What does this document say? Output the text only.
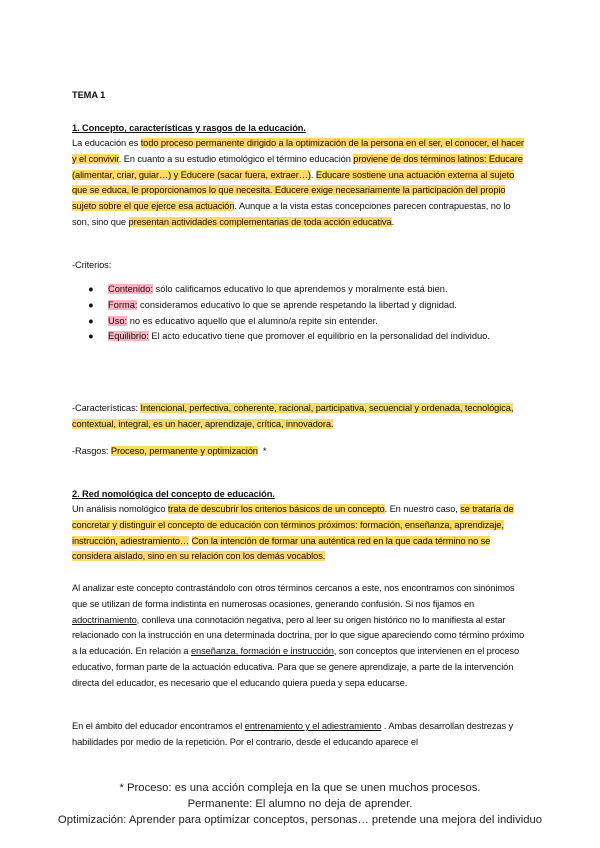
TEMA 1
1. Concepto, características y rasgos de la educación.
La educación es todo proceso permanente dirigido a la optimización de la persona en el ser, el conocer, el hacer y el convivir. En cuanto a su estudio etimológico el término educación proviene de dos términos latinos: Educare (alimentar, criar, guiar…) y Educere (sacar fuera, extraer…). Educare sostiene una actuación externa al sujeto que se educa, le proporcionamos lo que necesita. Educere exige necesariamente la participación del propio sujeto sobre el que ejerce esa actuación. Aunque a la vista estas concepciones parecen contrapuestas, no lo son, sino que presentan actividades complementarias de toda acción educativa.
-Criterios:
● Contenido: sólo calificamos educativo lo que aprendemos y moralmente está bien.
● Forma: consideramos educativo lo que se aprende respetando la libertad y dignidad.
● Uso: no es educativo aquello que el alumno/a repite sin entender.
● Equilibrio: El acto educativo tiene que promover el equilibrio en la personalidad del individuo.
-Características: Intencional, perfectiva, coherente, racional, participativa, secuencial y ordenada, tecnológica, contextual, integral, es un hacer, aprendizaje, crítica, innovadora.
-Rasgos: Proceso, permanente y optimización *
2. Red nomológica del concepto de educación.
Un análisis nomológico trata de descubrir los criterios básicos de un concepto. En nuestro caso, se trataría de concretar y distinguir el concepto de educación con términos próximos: formación, enseñanza, aprendizaje, instrucción, adiestramiento… Con la intención de formar una auténtica red en la que cada término no se considera aislado, sino en su relación con los demás vocablos.
Al analizar este concepto contrastándolo con otros términos cercanos a este, nos encontramos con sinónimos que se utilizan de forma indistinta en numerosas ocasiones, generando confusión. Si nos fijamos en adoctrinamiento, conlleva una connotación negativa, pero al leer su origen histórico no lo manifiesta al estar relacionado con la instrucción en una determinada doctrina, por lo que sigue apareciendo como término próximo a la educación. En relación a enseñanza, formación e instrucción, son conceptos que intervienen en el proceso educativo, forman parte de la actuación educativa. Para que se genere aprendizaje, a parte de la intervención directa del educador, es necesario que el educando quiera pueda y sepa educarse.
En el ámbito del educador encontramos el entrenamiento y el adiestramiento . Ambas desarrollan destrezas y habilidades por medio de la repetición. Por el contrario, desde el educando aparece el
* Proceso: es una acción compleja en la que se unen muchos procesos.
Permanente: El alumno no deja de aprender.
Optimización: Aprender para optimizar conceptos, personas… pretende una mejora del individuo
